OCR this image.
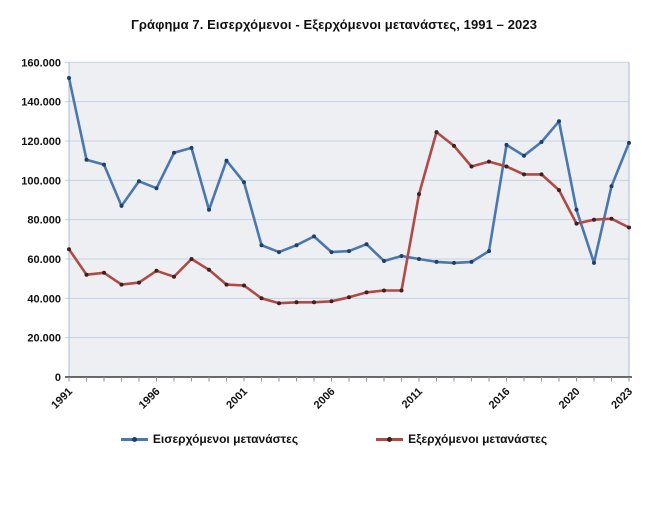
Γράφημα 7. Εισερχόμενοι - Εξερχόμενοι μετανάστες, 1991 – 2023
0
20.000
40.000
60.000
80.000
100.000
120.000
140.000
160.000
1991	1996	2001	2006	2011	2016	2020 2023
Εισερχόμενοι μετανάστες	Εξερχόμενοι μετανάστες
